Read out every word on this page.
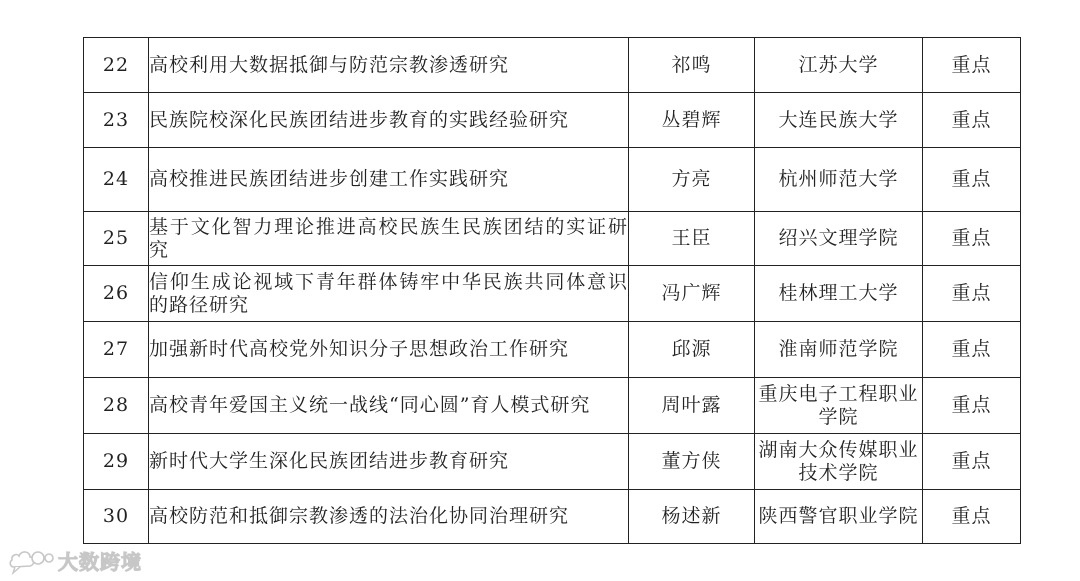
22	高校利用大数据抵御与防范宗教渗透研究	祁鸣	江苏大学	重点
23	民族院校深化民族团结进步教育的实践经验研究	丛碧辉	大连民族大学	重点
24	高校推进民族团结进步创建工作实践研究	方亮	杭州师范大学	重点
25	基于文化智力理论推进高校民族生民族团结的实证研究	王臣	绍兴文理学院	重点
26	信仰生成论视域下青年群体铸牢中华民族共同体意识的路径研究	冯广辉	桂林理工大学	重点
27	加强新时代高校党外知识分子思想政治工作研究	邱源	淮南师范学院	重点
28	高校青年爱国主义统一战线“同心圆”育人模式研究	周叶露	重庆电子工程职业学院	重点
29	新时代大学生深化民族团结进步教育研究	董方侠	湖南大众传媒职业技术学院	重点
30	高校防范和抵御宗教渗透的法治化协同治理研究	杨述新	陕西警官职业学院	重点
大数跨境
